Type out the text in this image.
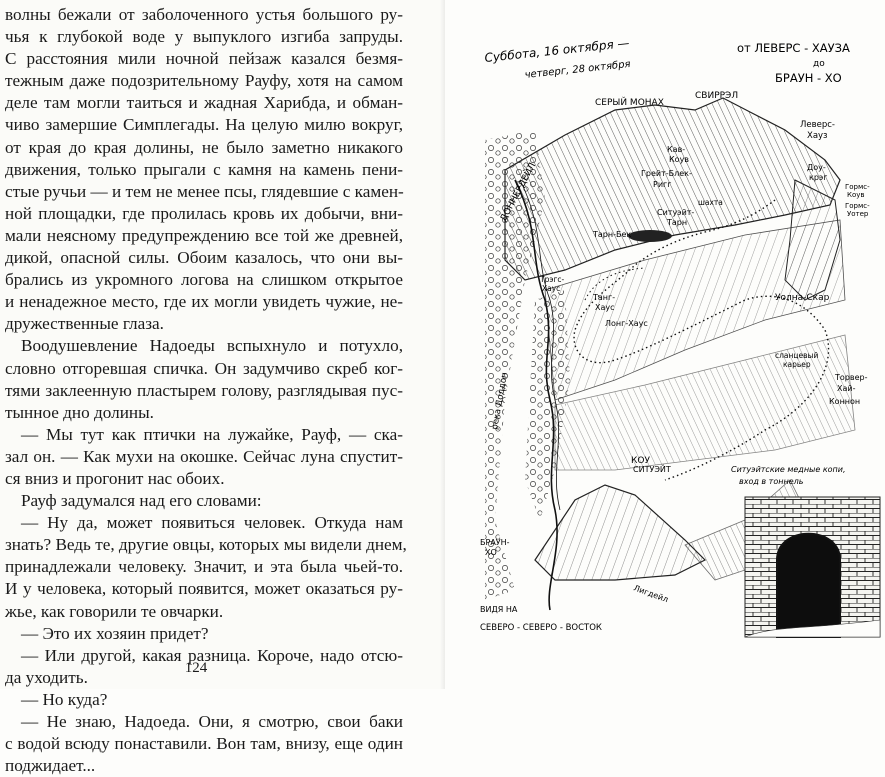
волны бежали от заболоченного устья большого ру-
чья к глубокой воде у выпуклого изгиба запруды.
С расстояния мили ночной пейзаж казался безмя-
тежным даже подозрительному Рауфу, хотя на самом
деле там могли таиться и жадная Харибда, и обман-
чиво замершие Симплегады. На целую милю вокруг,
от края до края долины, не было заметно никакого
движения, только прыгали с камня на камень пени-
стые ручьи — и тем не менее псы, глядевшие с камен-
ной площадки, где пролилась кровь их добычи, вни-
мали неясному предупреждению все той же древней,
дикой, опасной силы. Обоим казалось, что они вы-
брались из укромного логова на слишком открытое
и ненадежное место, где их могли увидеть чужие, не-
дружественные глаза.
Воодушевление Надоеды вспыхнуло и потухло,
словно отгоревшая спичка. Он задумчиво скреб ког-
тями заклеенную пластырем голову, разглядывая пус-
тынное дно долины.
— Мы тут как птички на лужайке, Рауф, — ска-
зал он. — Как мухи на окошке. Сейчас луна спустит-
ся вниз и прогонит нас обоих.
Рауф задумался над его словами:
— Ну да, может появиться человек. Откуда нам
знать? Ведь те, другие овцы, которых мы видели днем,
принадлежали человеку. Значит, и эта была чьей-то.
И у человека, который появится, может оказаться ру-
жье, как говорили те овчарки.
— Это их хозяин придет?
— Или другой, какая разница. Короче, надо отсю-
да уходить.
— Но куда?
— Не знаю, Надоеда. Они, я смотрю, свои баки
с водой всюду понаставили. Вон там, внизу, еще один
поджидает...
124
Суббота, 16 октября —
четверг, 28 октября
от ЛЕВЕРС - ХАУЗА
до
БРАУН - ХО
СЕРЫЙ МОНАХ
СВИРРЭЛ
Леверс-
Хауз
Кав-
Коув
Грейт-Блек-
Ригг
шахта
Ситуэйт-
Тарн
Доу-
крэг
Гормс-
Коув
Гормс-
Уотер
Тарн-Бек
ДОННЕРДЕЙЛ
Трэгс-
Хаус
Танг-
Хаус
Лонг-Хаус
Уолна-Скар
сланцевый
карьер
Торвер-
Хай-
Коннон
река Доддон
КОУ
СИТУЭЙТ	Ситуэйтские медные копи,
вход в тоннель
БРАУН-
ХО
Лигдейл
ВИДЯ НА
СЕВЕРО - СЕВЕРО - ВОСТОК
